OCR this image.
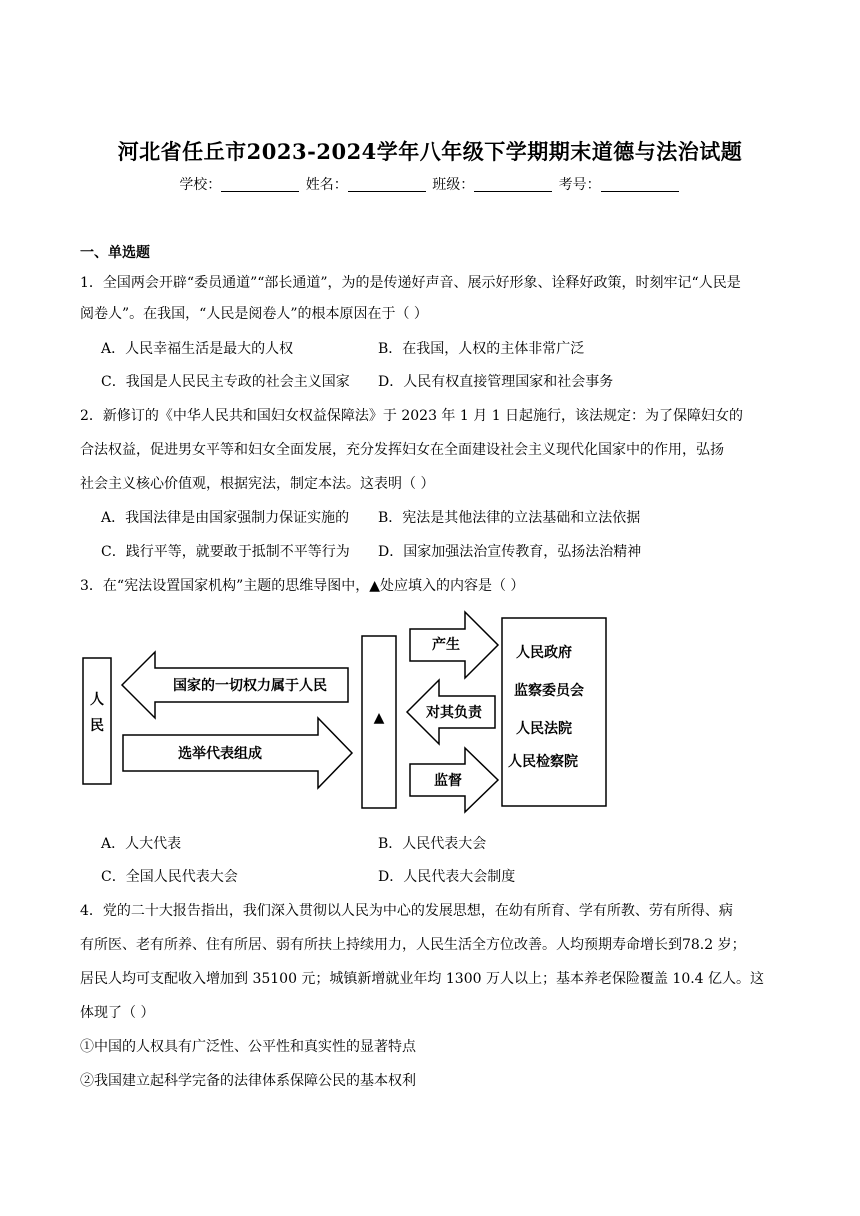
河北省任丘市2023-2024学年八年级下学期期末道德与法治试题
学校：	姓名：	班级：	考号：
一、单选题
1．全国两会开辟“委员通道”“部长通道”，为的是传递好声音、展示好形象、诠释好政策，时刻牢记“人民是
阅卷人”。在我国，“人民是阅卷人”的根本原因在于（ ）
A．人民幸福生活是最大的人权	B．在我国，人权的主体非常广泛
C．我国是人民民主专政的社会主义国家 D．人民有权直接管理国家和社会事务
2．新修订的《中华人民共和国妇女权益保障法》于 2023 年 1 月 1 日起施行，该法规定：为了保障妇女的
合法权益，促进男女平等和妇女全面发展，充分发挥妇女在全面建设社会主义现代化国家中的作用，弘扬
社会主义核心价值观，根据宪法，制定本法。这表明（ ）
A．我国法律是由国家强制力保证实施的 B．宪法是其他法律的立法基础和立法依据
C．践行平等，就要敢于抵制不平等行为 D．国家加强法治宣传教育，弘扬法治精神
3．在“宪法设置国家机构”主题的思维导图中，▲处应填入的内容是（ ）
人
民
国家的一切权力属于人民
选举代表组成
▲
产生
对其负责
监督
人民政府
监察委员会
人民法院
人民检察院
A．人大代表	B．人民代表大会
C．全国人民代表大会	D．人民代表大会制度
4．党的二十大报告指出，我们深入贯彻以人民为中心的发展思想，在幼有所育、学有所教、劳有所得、病
有所医、老有所养、住有所居、弱有所扶上持续用力，人民生活全方位改善。人均预期寿命增长到78.2 岁；
居民人均可支配收入增加到 35100 元；城镇新增就业年均 1300 万人以上；基本养老保险覆盖 10.4 亿人。这
体现了（ ）
①中国的人权具有广泛性、公平性和真实性的显著特点
②我国建立起科学完备的法律体系保障公民的基本权利
